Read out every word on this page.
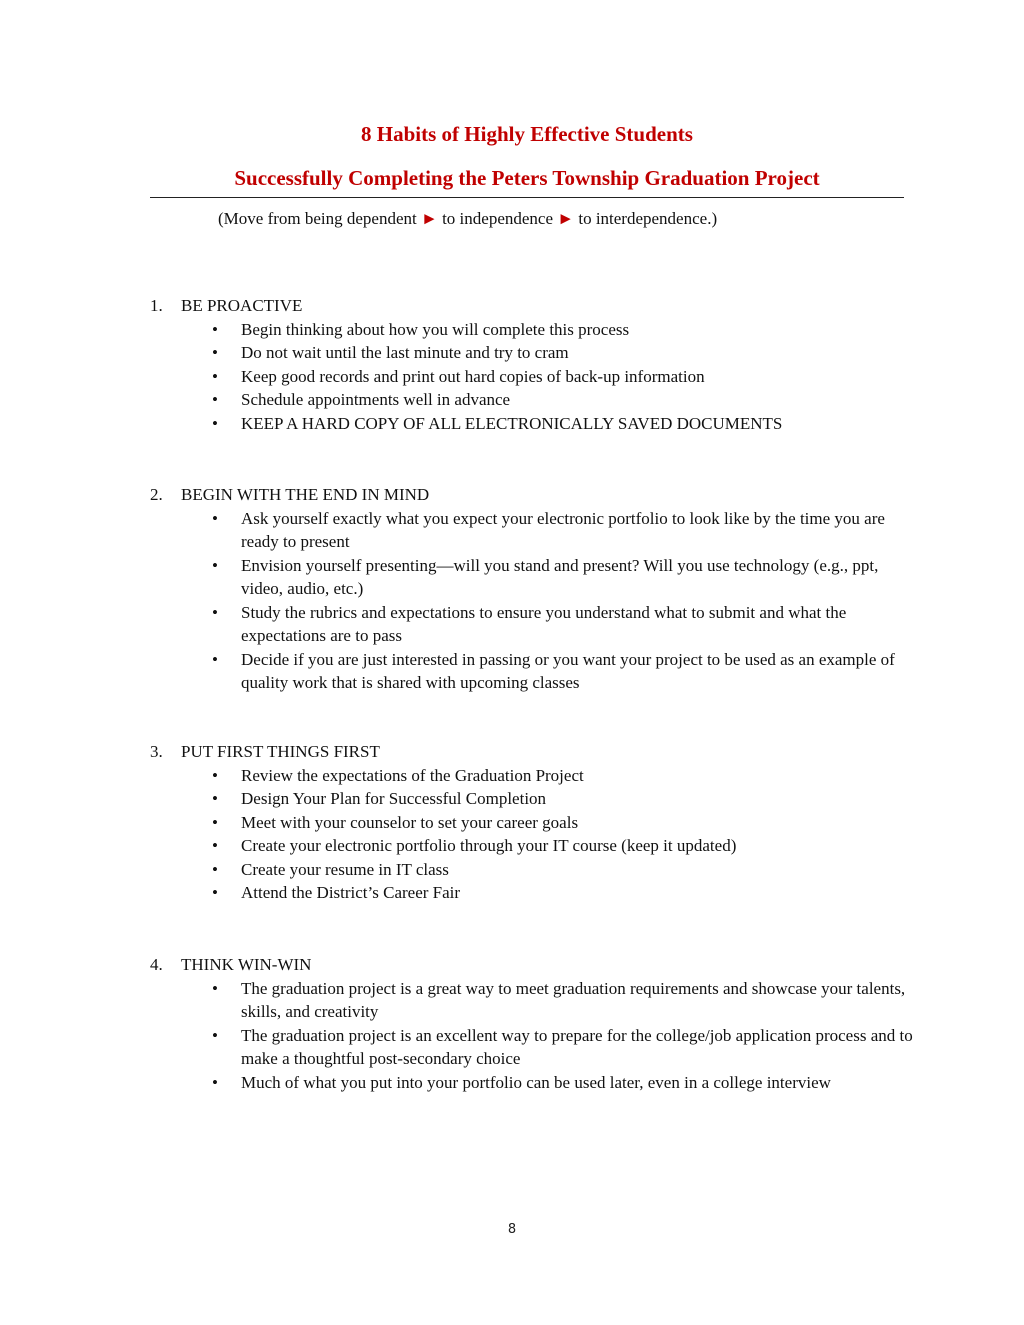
8 Habits of Highly Effective Students
Successfully Completing the Peters Township Graduation Project
(Move from being dependent ► to independence ► to interdependence.)
1. BE PROACTIVE
• Begin thinking about how you will complete this process
• Do not wait until the last minute and try to cram
• Keep good records and print out hard copies of back-up information
• Schedule appointments well in advance
• KEEP A HARD COPY OF ALL ELECTRONICALLY SAVED DOCUMENTS
2. BEGIN WITH THE END IN MIND
• Ask yourself exactly what you expect your electronic portfolio to look like by the time you are ready to present
• Envision yourself presenting—will you stand and present? Will you use technology (e.g., ppt, video, audio, etc.)
• Study the rubrics and expectations to ensure you understand what to submit and what the expectations are to pass
• Decide if you are just interested in passing or you want your project to be used as an example of quality work that is shared with upcoming classes
3. PUT FIRST THINGS FIRST
• Review the expectations of the Graduation Project
• Design Your Plan for Successful Completion
• Meet with your counselor to set your career goals
• Create your electronic portfolio through your IT course (keep it updated)
• Create your resume in IT class
• Attend the District’s Career Fair
4. THINK WIN-WIN
• The graduation project is a great way to meet graduation requirements and showcase your talents, skills, and creativity
• The graduation project is an excellent way to prepare for the college/job application process and to make a thoughtful post-secondary choice
• Much of what you put into your portfolio can be used later, even in a college interview
8
